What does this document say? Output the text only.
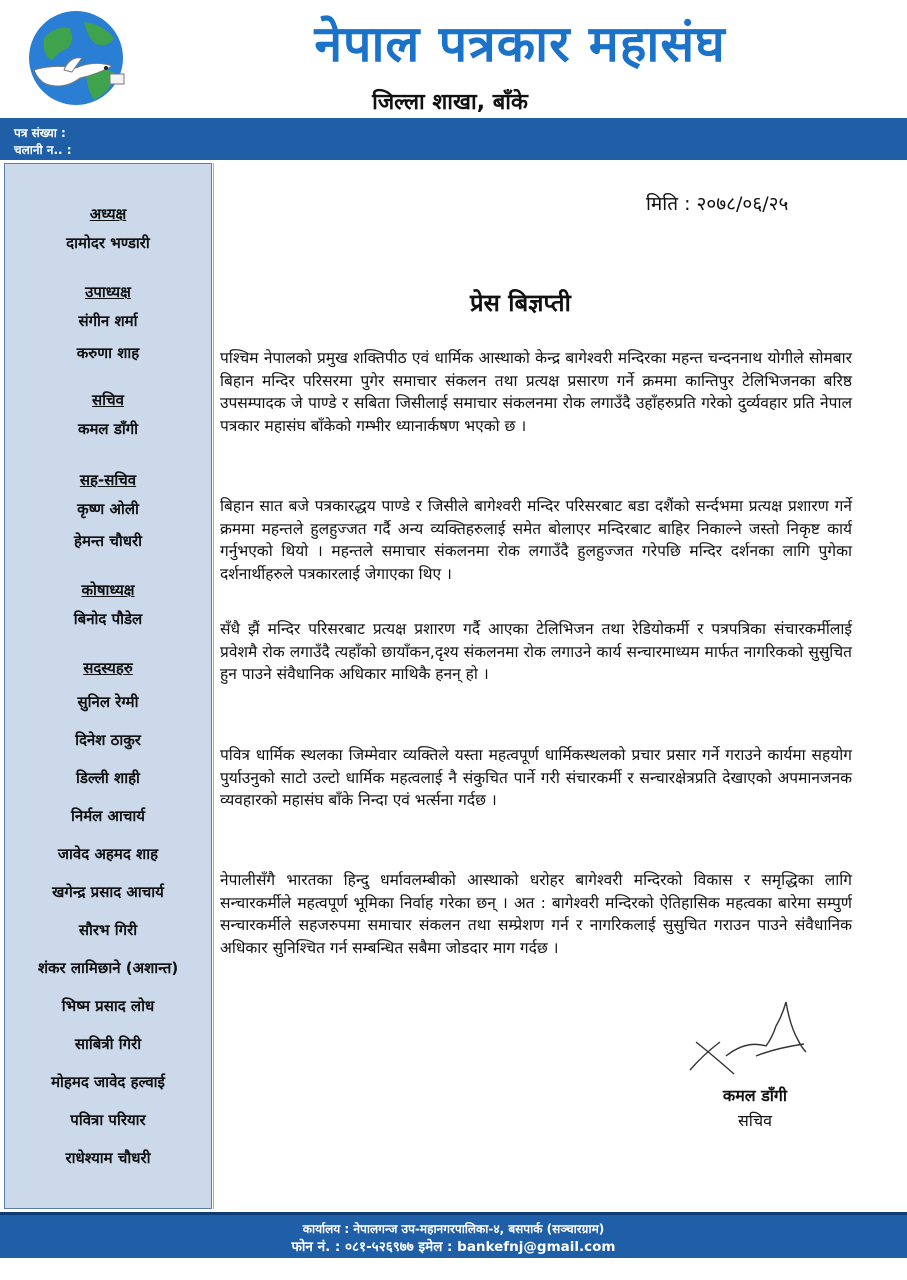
नेपाल पत्रकार महासंघ
जिल्ला शाखा, बाँके
पत्र संख्या :
चलानी न.. :
अध्यक्ष
दामोदर भण्डारी
उपाध्यक्ष
संगीन शर्मा
करुणा शाह
सचिव
कमल डाँगी
सह-सचिव
कृष्ण ओली
हेमन्त चौधरी
कोषाध्यक्ष
बिनोद पौडेल
सदस्यहरु
सुनिल रेग्मी
दिनेश ठाकुर
डिल्ली शाही
निर्मल आचार्य
जावेद अहमद शाह
खगेन्द्र प्रसाद आचार्य
सौरभ गिरी
शंकर लामिछाने (अशान्त)
भिष्म प्रसाद लोध
साबित्री गिरी
मोहमद जावेद हल्वाई
पवित्रा परियार
राधेश्याम चौधरी
मिति : २०७८/०६/२५
प्रेस बिज्ञप्ती

पश्चिम नेपालको प्रमुख शक्तिपीठ एवं धार्मिक आस्थाको केन्द्र बागेश्वरी मन्दिरका महन्त चन्दननाथ योगीले सोमबार बिहान मन्दिर परिसरमा पुगेर समाचार संकलन तथा प्रत्यक्ष प्रसारण गर्ने क्रममा कान्तिपुर टेलिभिजनका बरिष्ठ उपसम्पादक जे पाण्डे र सबिता जिसीलाई समाचार संकलनमा रोक लगाउँदै उहाँहरुप्रति गरेको दुर्व्यवहार प्रति नेपाल पत्रकार महासंघ बाँकेको गम्भीर ध्यानार्कषण भएको छ ।

बिहान सात बजे पत्रकारद्धय पाण्डे र जिसीले बागेश्वरी मन्दिर परिसरबाट बडा दशैंको सर्न्दभमा प्रत्यक्ष प्रशारण गर्ने क्रममा महन्तले हुलहुज्जत गर्दै अन्य व्यक्तिहरुलाई समेत बोलाएर मन्दिरबाट बाहिर निकाल्ने जस्तो निकृष्ट कार्य गर्नुभएको थियो । महन्तले समाचार संकलनमा रोक लगाउँदै हुलहुज्जत गरेपछि मन्दिर दर्शनका लागि पुगेका दर्शनार्थीहरुले पत्रकारलाई जेगाएका थिए ।

सँधै झैं मन्दिर परिसरबाट प्रत्यक्ष प्रशारण गर्दै आएका टेलिभिजन तथा रेडियोकर्मी र पत्रपत्रिका संचारकर्मीलाई प्रवेशमै रोक लगाउँदै त्यहाँको छायाँकन,दृश्य संकलनमा रोक लगाउने कार्य सन्चारमाध्यम मार्फत नागरिकको सुसुचित हुन पाउने संवैधानिक अधिकार माथिकै हनन् हो ।

पवित्र धार्मिक स्थलका जिम्मेवार व्यक्तिले यस्ता महत्वपूर्ण धार्मिकस्थलको प्रचार प्रसार गर्ने गराउने कार्यमा सहयोग पुर्याउनुको साटो उल्टो धार्मिक महत्वलाई नै संकुचित पार्ने गरी संचारकर्मी र सन्चारक्षेत्रप्रति देखाएको अपमानजनक व्यवहारको महासंघ बाँके निन्दा एवं भर्त्सना गर्दछ ।

नेपालीसँगै भारतका हिन्दु धर्मावलम्बीको आस्थाको धरोहर बागेश्वरी मन्दिरको विकास र समृद्धिका लागि सन्चारकर्मीले महत्वपूर्ण भूमिका निर्वाह गरेका छन् । अत : बागेश्वरी मन्दिरको ऐतिहासिक महत्वका बारेमा सम्पुर्ण सन्चारकर्मीले सहजरुपमा समाचार संकलन तथा सम्प्रेशण गर्न र नागरिकलाई सुसुचित गराउन पाउने संवैधानिक अधिकार सुनिश्चित गर्न सम्बन्धित सबैमा जोडदार माग गर्दछ ।

कमल डाँगी
सचिव
कार्यालय : नेपालगन्ज उप-महानगरपालिका-४, बसपार्क (सञ्चारग्राम)
फोन नं. : ०८१-५२६९७७ इमेल : bankefnj@gmail.com
